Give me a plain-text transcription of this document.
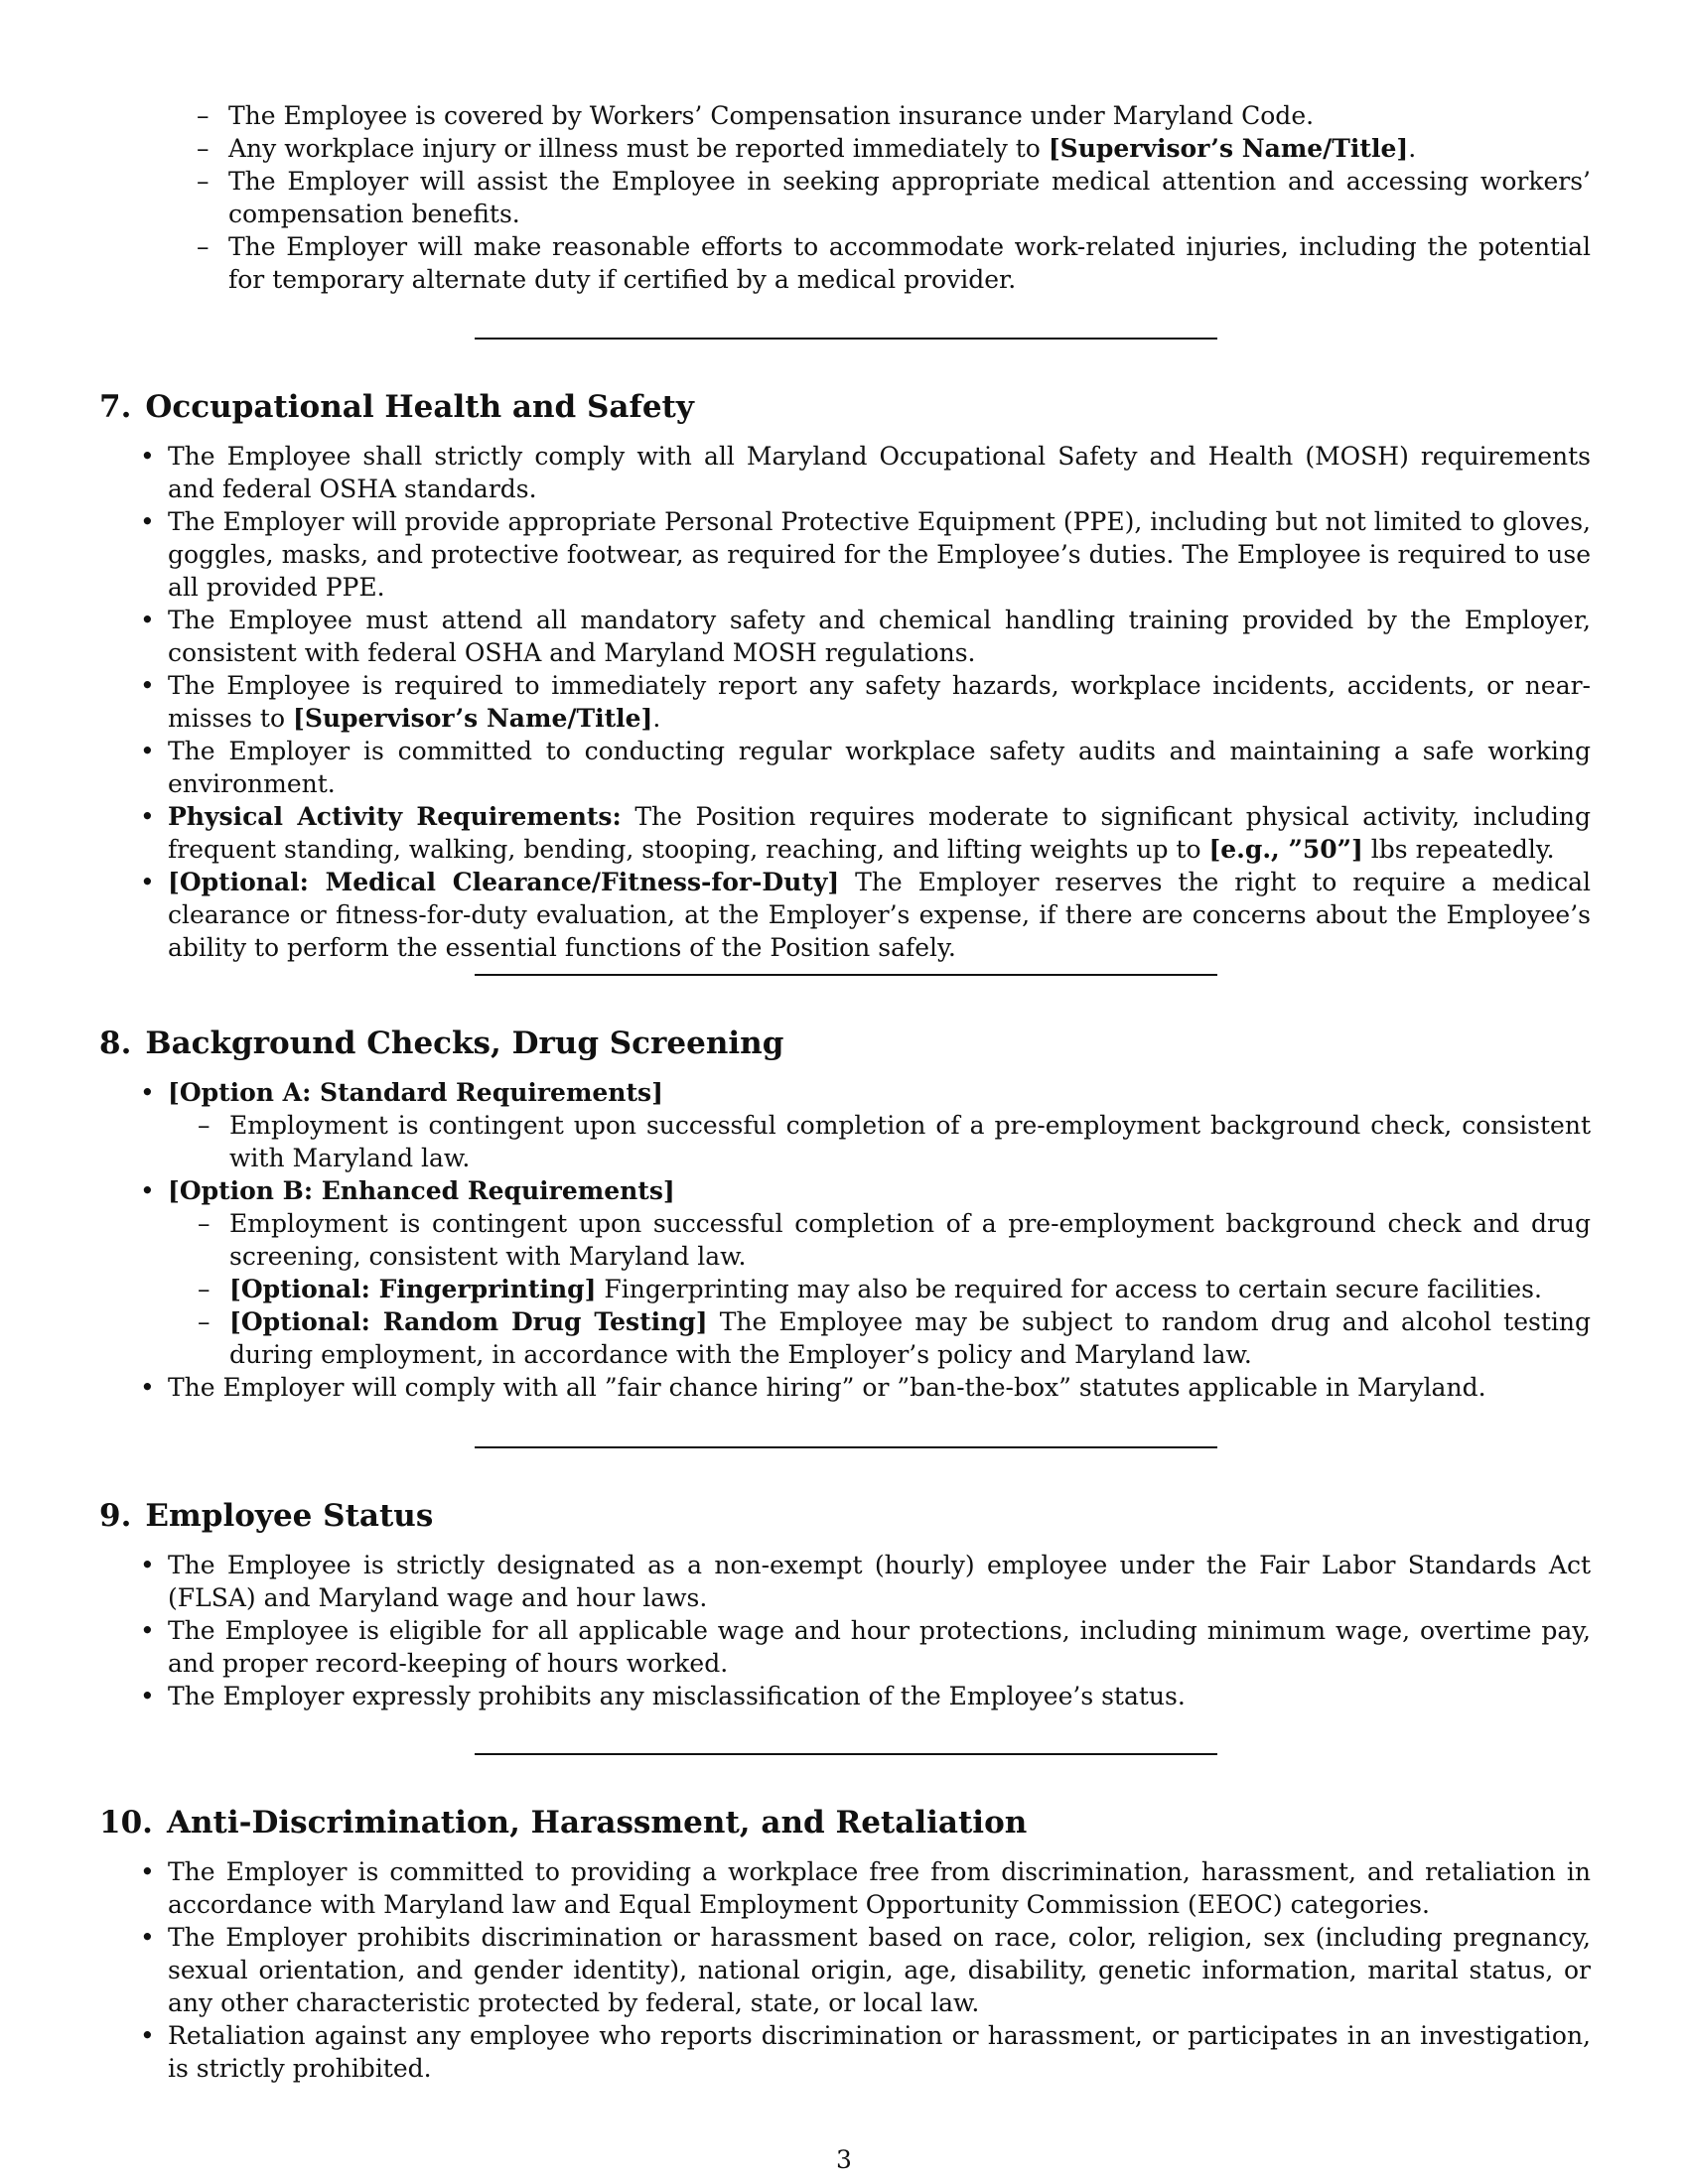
– The Employee is covered by Workers’ Compensation insurance under Maryland Code.
– Any workplace injury or illness must be reported immediately to [Supervisor’s Name/Title].
– The Employer will assist the Employee in seeking appropriate medical attention and accessing workers’ compensation benefits.
– The Employer will make reasonable efforts to accommodate work-related injuries, including the potential for temporary alternate duty if certified by a medical provider.
7. Occupational Health and Safety
• The Employee shall strictly comply with all Maryland Occupational Safety and Health (MOSH) requirements and federal OSHA standards.
• The Employer will provide appropriate Personal Protective Equipment (PPE), including but not limited to gloves, goggles, masks, and protective footwear, as required for the Employee’s duties. The Employee is required to use all provided PPE.
• The Employee must attend all mandatory safety and chemical handling training provided by the Employer, consistent with federal OSHA and Maryland MOSH regulations.
• The Employee is required to immediately report any safety hazards, workplace incidents, accidents, or near-misses to [Supervisor’s Name/Title].
• The Employer is committed to conducting regular workplace safety audits and maintaining a safe working environment.
• Physical Activity Requirements: The Position requires moderate to significant physical activity, including frequent standing, walking, bending, stooping, reaching, and lifting weights up to [e.g., ”50”] lbs repeatedly.
• [Optional: Medical Clearance/Fitness-for-Duty] The Employer reserves the right to require a medical clearance or fitness-for-duty evaluation, at the Employer’s expense, if there are concerns about the Employee’s ability to perform the essential functions of the Position safely.
8. Background Checks, Drug Screening
• [Option A: Standard Requirements]
– Employment is contingent upon successful completion of a pre-employment background check, consistent with Maryland law.
• [Option B: Enhanced Requirements]
– Employment is contingent upon successful completion of a pre-employment background check and drug screening, consistent with Maryland law.
– [Optional: Fingerprinting] Fingerprinting may also be required for access to certain secure facilities.
– [Optional: Random Drug Testing] The Employee may be subject to random drug and alcohol testing during employment, in accordance with the Employer’s policy and Maryland law.
• The Employer will comply with all ”fair chance hiring” or ”ban-the-box” statutes applicable in Maryland.
9. Employee Status
• The Employee is strictly designated as a non-exempt (hourly) employee under the Fair Labor Standards Act (FLSA) and Maryland wage and hour laws.
• The Employee is eligible for all applicable wage and hour protections, including minimum wage, overtime pay, and proper record-keeping of hours worked.
• The Employer expressly prohibits any misclassification of the Employee’s status.
10. Anti-Discrimination, Harassment, and Retaliation
• The Employer is committed to providing a workplace free from discrimination, harassment, and retaliation in accordance with Maryland law and Equal Employment Opportunity Commission (EEOC) categories.
• The Employer prohibits discrimination or harassment based on race, color, religion, sex (including pregnancy, sexual orientation, and gender identity), national origin, age, disability, genetic information, marital status, or any other characteristic protected by federal, state, or local law.
• Retaliation against any employee who reports discrimination or harassment, or participates in an investigation, is strictly prohibited.
3
